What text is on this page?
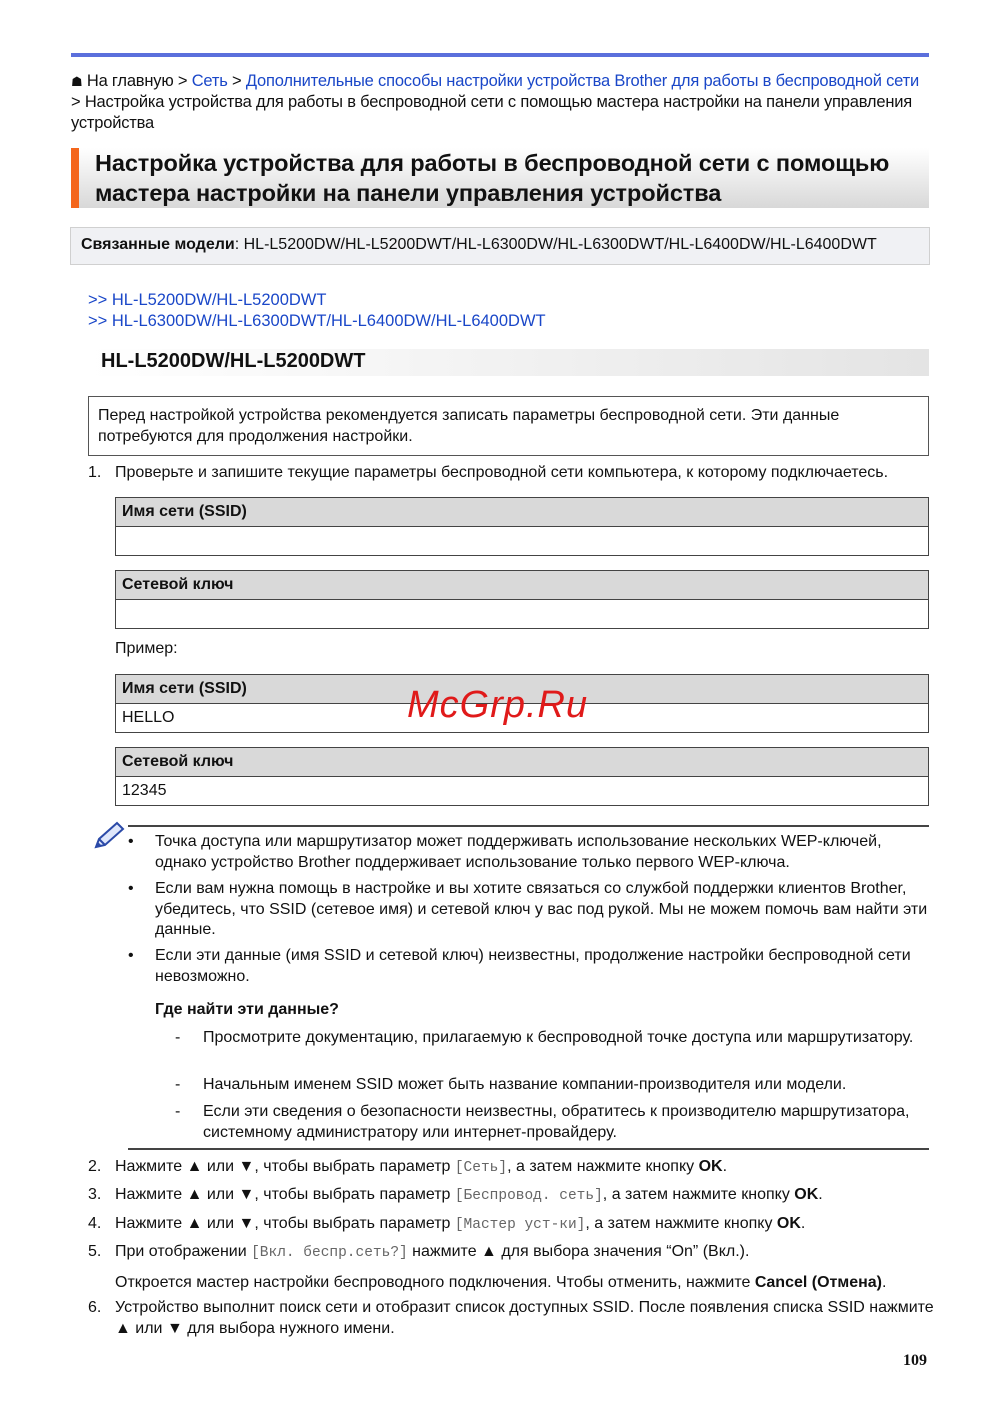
☗ На главную > Сеть > Дополнительные способы настройки устройства Brother для работы в беспроводной сети > Настройка устройства для работы в беспроводной сети с помощью мастера настройки на панели управления устройства
Настройка устройства для работы в беспроводной сети с помощью мастера настройки на панели управления устройства
Связанные модели: HL-L5200DW/HL-L5200DWT/HL-L6300DW/HL-L6300DWT/HL-L6400DW/HL-L6400DWT
>> HL-L5200DW/HL-L5200DWT
>> HL-L6300DW/HL-L6300DWT/HL-L6400DW/HL-L6400DWT
HL-L5200DW/HL-L5200DWT
Перед настройкой устройства рекомендуется записать параметры беспроводной сети. Эти данные потребуются для продолжения настройки.
1. Проверьте и запишите текущие параметры беспроводной сети компьютера, к которому подключаетесь.
Имя сети (SSID)

Сетевой ключ

Пример:
Имя сети (SSID)
HELLO
Сетевой ключ
12345
McGrp.Ru
• Точка доступа или маршрутизатор может поддерживать использование нескольких WEP-ключей, однако устройство Brother поддерживает использование только первого WEP-ключа.
• Если вам нужна помощь в настройке и вы хотите связаться со службой поддержки клиентов Brother, убедитесь, что SSID (сетевое имя) и сетевой ключ у вас под рукой. Мы не можем помочь вам найти эти данные.
• Если эти данные (имя SSID и сетевой ключ) неизвестны, продолжение настройки беспроводной сети невозможно.
Где найти эти данные?
- Просмотрите документацию, прилагаемую к беспроводной точке доступа или маршрутизатору.
- Начальным именем SSID может быть название компании-производителя или модели.
- Если эти сведения о безопасности неизвестны, обратитесь к производителю маршрутизатора, системному администратору или интернет-провайдеру.
2. Нажмите ▲ или ▼, чтобы выбрать параметр [Сеть], а затем нажмите кнопку OK.
3. Нажмите ▲ или ▼, чтобы выбрать параметр [Беспровод. сеть], а затем нажмите кнопку OK.
4. Нажмите ▲ или ▼, чтобы выбрать параметр [Мастер уст-ки], а затем нажмите кнопку OK.
5. При отображении [Вкл. беспр.сеть?] нажмите ▲ для выбора значения “On” (Вкл.).
Откроется мастер настройки беспроводного подключения. Чтобы отменить, нажмите Cancel (Отмена).
6. Устройство выполнит поиск сети и отобразит список доступных SSID. После появления списка SSID нажмите ▲ или ▼ для выбора нужного имени.
109
